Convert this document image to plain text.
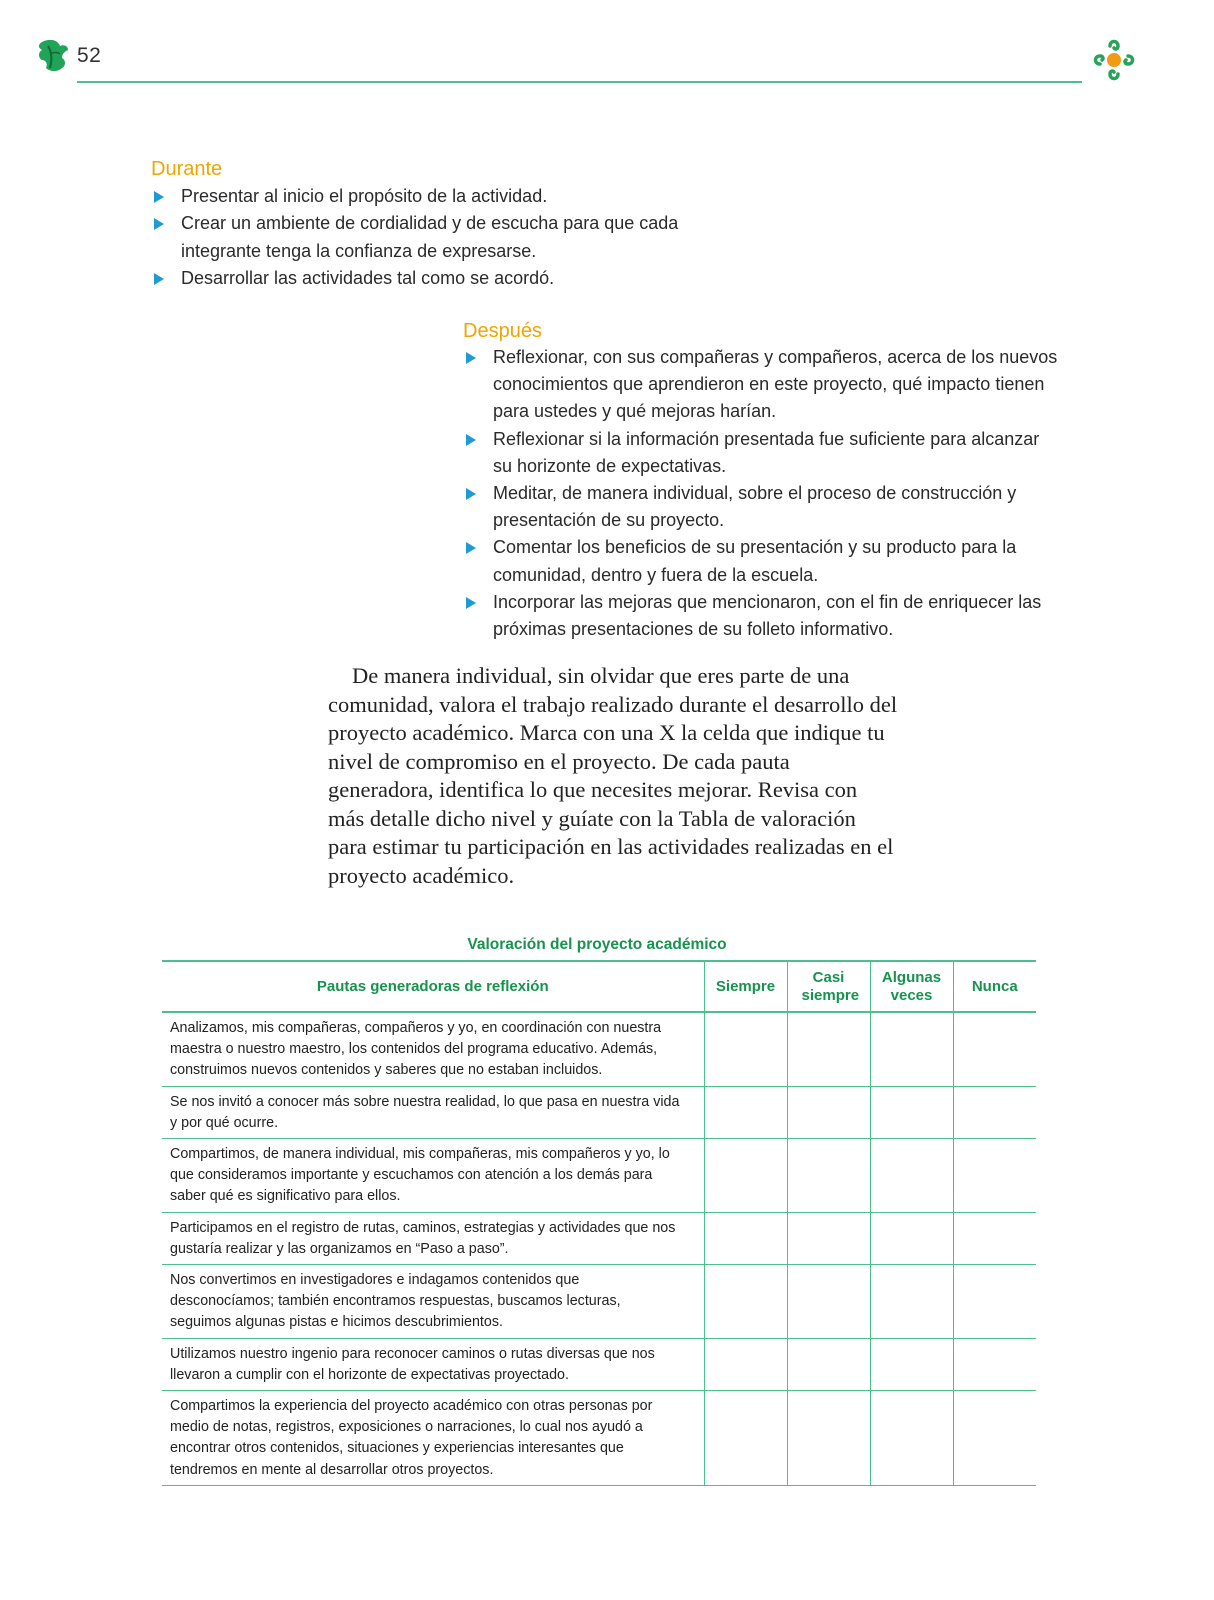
52
Durante
Presentar al inicio el propósito de la actividad.
Crear un ambiente de cordialidad y de escucha para que cada integrante tenga la confianza de expresarse.
Desarrollar las actividades tal como se acordó.
Después
Reflexionar, con sus compañeras y compañeros, acerca de los nuevos conocimientos que aprendieron en este proyecto, qué impacto tienen para ustedes y qué mejoras harían.
Reflexionar si la información presentada fue suficiente para alcanzar su horizonte de expectativas.
Meditar, de manera individual, sobre el proceso de construcción y presentación de su proyecto.
Comentar los beneficios de su presentación y su producto para la comunidad, dentro y fuera de la escuela.
Incorporar las mejoras que mencionaron, con el fin de enriquecer las próximas presentaciones de su folleto informativo.

De manera individual, sin olvidar que eres parte de una comunidad, valora el trabajo realizado durante el desarrollo del proyecto académico. Marca con una X la celda que indique tu nivel de compromiso en el proyecto. De cada pauta generadora, identifica lo que necesites mejorar. Revisa con más detalle dicho nivel y guíate con la Tabla de valoración para estimar tu participación en las actividades realizadas en el proyecto académico.

Valoración del proyecto académico
Pautas generadoras de reflexión	Siempre	Casi siempre	Algunas veces	Nunca
Analizamos, mis compañeras, compañeros y yo, en coordinación con nuestra maestra o nuestro maestro, los contenidos del programa educativo. Además, construimos nuevos contenidos y saberes que no estaban incluidos.				
Se nos invitó a conocer más sobre nuestra realidad, lo que pasa en nuestra vida y por qué ocurre.				
Compartimos, de manera individual, mis compañeras, mis compañeros y yo, lo que consideramos importante y escuchamos con atención a los demás para saber qué es significativo para ellos.				
Participamos en el registro de rutas, caminos, estrategias y actividades que nos gustaría realizar y las organizamos en “Paso a paso”.				
Nos convertimos en investigadores e indagamos contenidos que desconocíamos; también encontramos respuestas, buscamos lecturas, seguimos algunas pistas e hicimos descubrimientos.				
Utilizamos nuestro ingenio para reconocer caminos o rutas diversas que nos llevaron a cumplir con el horizonte de expectativas proyectado.				
Compartimos la experiencia del proyecto académico con otras personas por medio de notas, registros, exposiciones o narraciones, lo cual nos ayudó a encontrar otros contenidos, situaciones y experiencias interesantes que tendremos en mente al desarrollar otros proyectos.				
